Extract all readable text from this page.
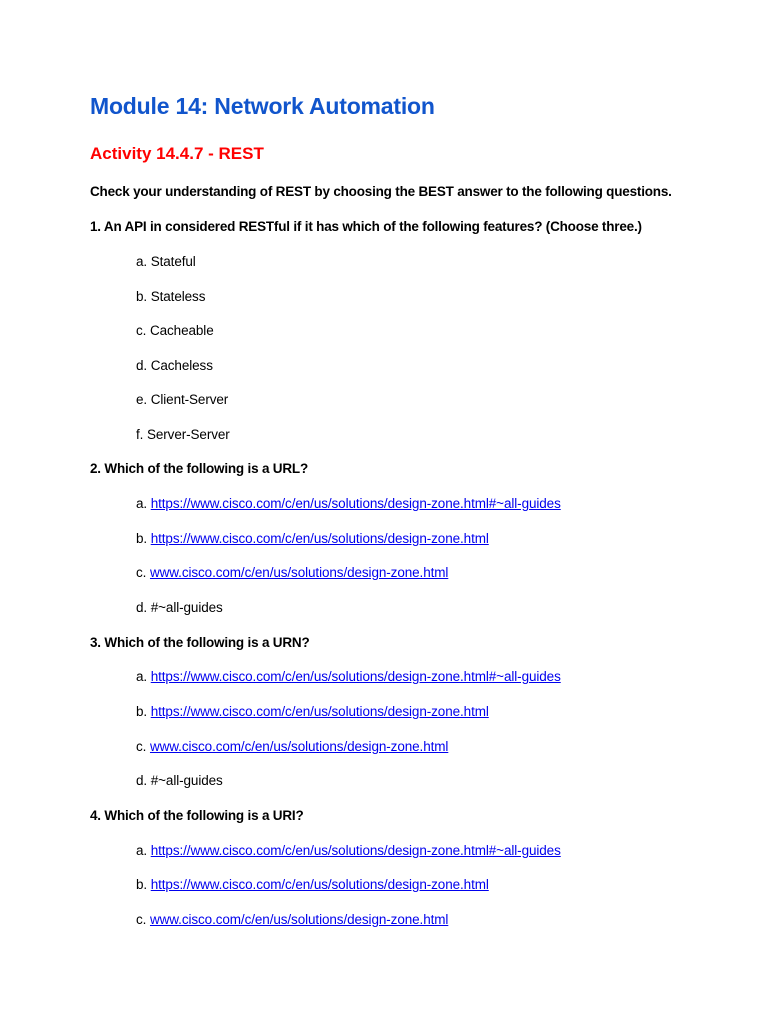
Module 14: Network Automation
Activity 14.4.7 - REST
Check your understanding of REST by choosing the BEST answer to the following questions.
1. An API in considered RESTful if it has which of the following features? (Choose three.)
a. Stateful
b. Stateless
c. Cacheable
d. Cacheless
e. Client-Server
f. Server-Server
2. Which of the following is a URL?
a. https://www.cisco.com/c/en/us/solutions/design-zone.html#~all-guides
b. https://www.cisco.com/c/en/us/solutions/design-zone.html
c. www.cisco.com/c/en/us/solutions/design-zone.html
d. #~all-guides
3. Which of the following is a URN?
a. https://www.cisco.com/c/en/us/solutions/design-zone.html#~all-guides
b. https://www.cisco.com/c/en/us/solutions/design-zone.html
c. www.cisco.com/c/en/us/solutions/design-zone.html
d. #~all-guides
4. Which of the following is a URI?
a. https://www.cisco.com/c/en/us/solutions/design-zone.html#~all-guides
b. https://www.cisco.com/c/en/us/solutions/design-zone.html
c. www.cisco.com/c/en/us/solutions/design-zone.html
